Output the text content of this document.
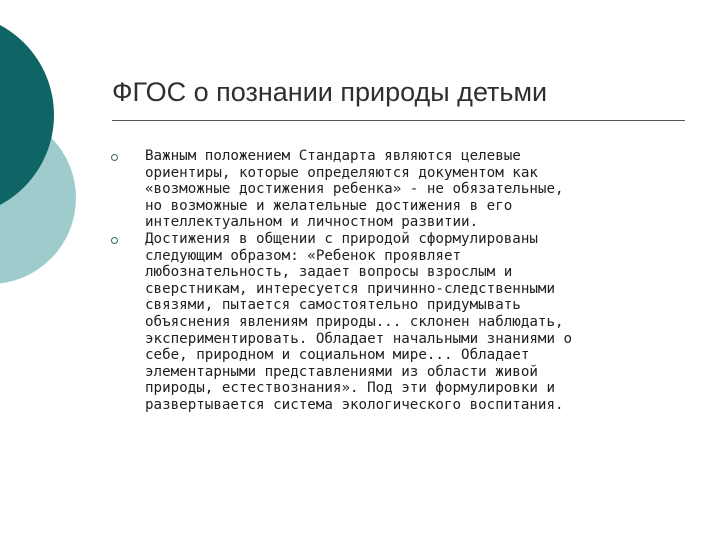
ФГОС о познании природы детьми
Важным положением Стандарта являются целевые
ориентиры, которые определяются документом как
«возможные достижения ребенка» - не обязательные,
но возможные и желательные достижения в его
интеллектуальном и личностном развитии.
Достижения в общении с природой сформулированы
следующим образом: «Ребенок проявляет
любознательность, задает вопросы взрослым и
сверстникам, интересуется причинно-следственными
связями, пытается самостоятельно придумывать
объяснения явлениям природы... склонен наблюдать,
экспериментировать. Обладает начальными знаниями о
себе, природном и социальном мире... Обладает
элементарными представлениями из области живой
природы, естествознания». Под эти формулировки и
развертывается система экологического воспитания.
